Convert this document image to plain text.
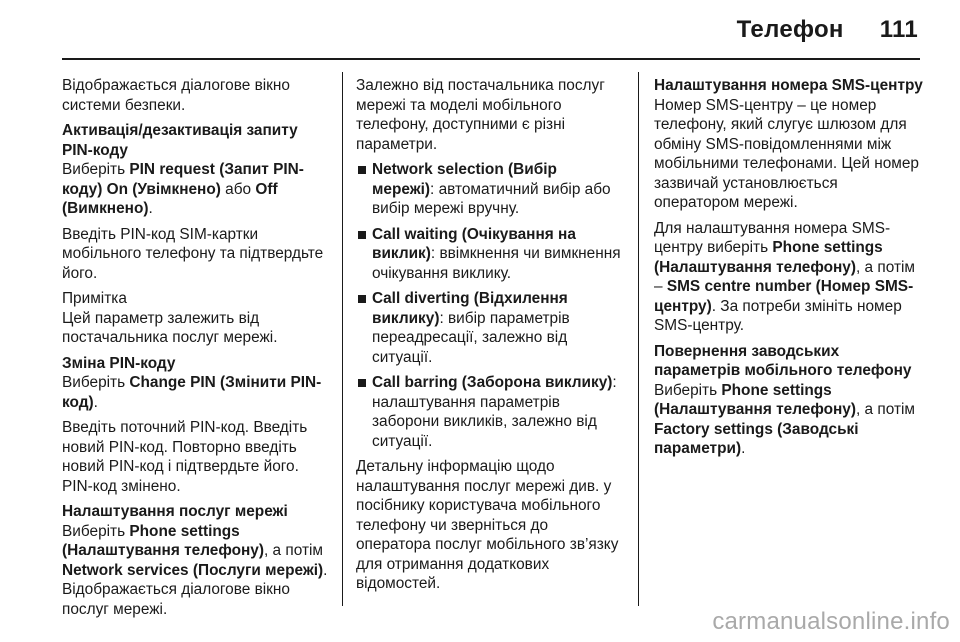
Телефон 111

Відображається діалогове вікно системи безпеки.

Активація/дезактивація запиту PIN-коду
Виберіть PIN request (Запит PIN-коду) On (Увімкнено) або Off (Вимкнено).

Введіть PIN-код SIM-картки мобільного телефону та підтвердьте його.

Примітка
Цей параметр залежить від постачальника послуг мережі.
Зміна PIN-коду
Виберіть Change PIN (Змінити PIN-код).

Введіть поточний PIN-код. Введіть новий PIN-код. Повторно введіть новий PIN-код і підтвердьте його. PIN-код змінено.

Налаштування послуг мережі
Виберіть Phone settings (Налаштування телефону), а потім Network services (Послуги мережі). Відображається діалогове вікно послуг мережі.

Залежно від постачальника послуг мережі та моделі мобільного телефону, доступними є різні параметри.

Network selection (Вибір мережі): автоматичний вибір або вибір мережі вручну.
Call waiting (Очікування на виклик): ввімкнення чи вимкнення очікування виклику.
Call diverting (Відхилення виклику): вибір параметрів переадресації, залежно від ситуації.
Call barring (Заборона виклику): налаштування параметрів заборони викликів, залежно від ситуації.

Детальну інформацію щодо налаштування послуг мережі див. у посібнику користувача мобільного телефону чи зверніться до оператора послуг мобільного зв’язку для отримання додаткових відомостей.

Налаштування номера SMS-центру
Номер SMS-центру – це номер телефону, який слугує шлюзом для обміну SMS-повідомленнями між мобільними телефонами. Цей номер зазвичай установлюється оператором мережі.

Для налаштування номера SMS-центру виберіть Phone settings (Налаштування телефону), а потім – SMS centre number (Номер SMS-центру). За потреби змініть номер SMS-центру.

Повернення заводських параметрів мобільного телефону
Виберіть Phone settings (Налаштування телефону), а потім Factory settings (Заводські параметри).
carmanualsonline.info
